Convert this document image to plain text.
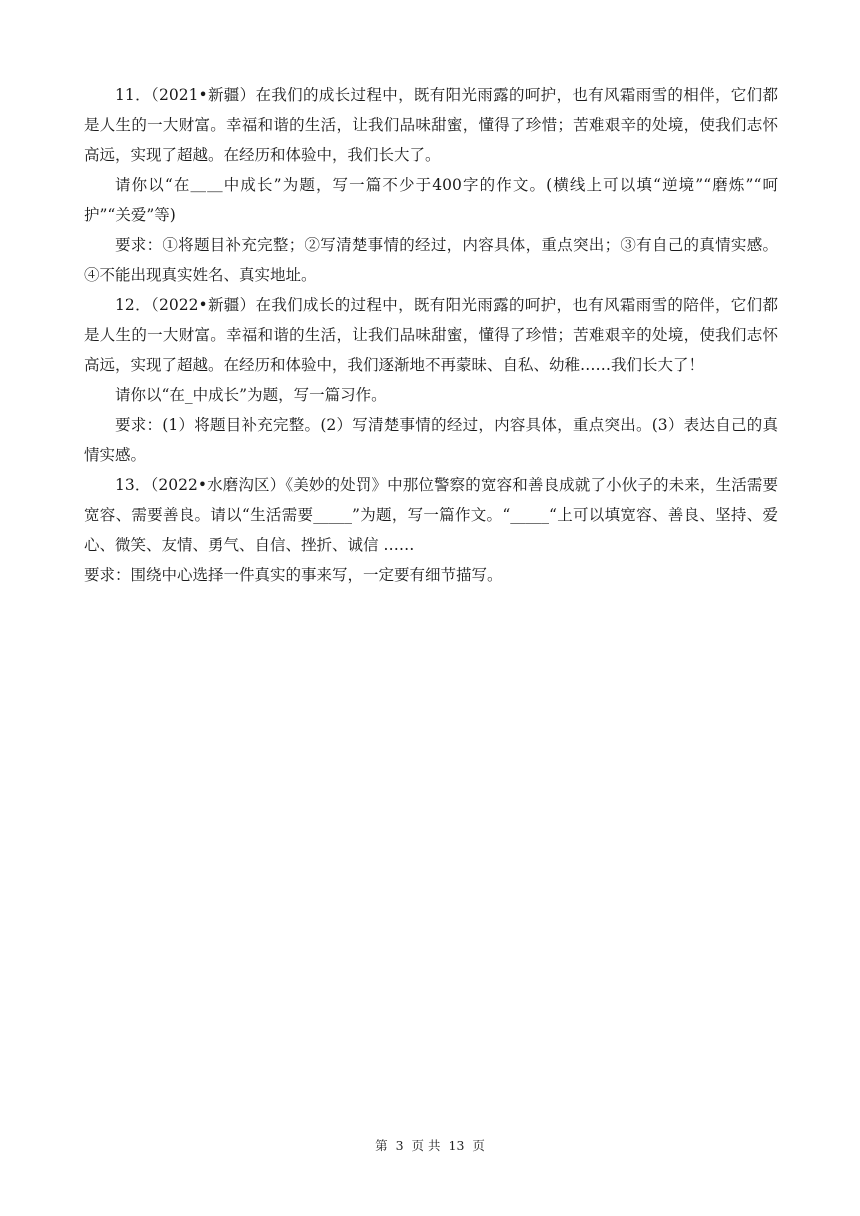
11．（2021•新疆）在我们的成长过程中，既有阳光雨露的呵护，也有风霜雨雪的相伴，它们都是人生的一大财富。幸福和谐的生活，让我们品味甜蜜，懂得了珍惜；苦难艰辛的处境，使我们志怀高远，实现了超越。在经历和体验中，我们长大了。

请你以“在＿＿中成长”为题，写一篇不少于400字的作文。(横线上可以填“逆境”“磨炼”“呵护”“关爱”等)

要求：①将题目补充完整；②写清楚事情的经过，内容具体，重点突出；③有自己的真情实感。④不能出现真实姓名、真实地址。

12．（2022•新疆）在我们成长的过程中，既有阳光雨露的呵护，也有风霜雨雪的陪伴，它们都是人生的一大财富。幸福和谐的生活，让我们品味甜蜜，懂得了珍惜；苦难艰辛的处境，使我们志怀高远，实现了超越。在经历和体验中，我们逐渐地不再蒙昧、自私、幼稚……我们长大了！

请你以“在_中成长”为题，写一篇习作。

要求：(1）将题目补充完整。(2）写清楚事情的经过，内容具体，重点突出。(3）表达自己的真情实感。

13．（2022•水磨沟区）《美妙的处罚》中那位警察的宽容和善良成就了小伙子的未来，生活需要宽容、需要善良。请以“生活需要_____”为题，写一篇作文。“_____“上可以填宽容、善良、坚持、爱心、微笑、友情、勇气、自信、挫折、诚信 ……

要求：围绕中心选择一件真实的事来写，一定要有细节描写。

第 3 页 共 13 页
